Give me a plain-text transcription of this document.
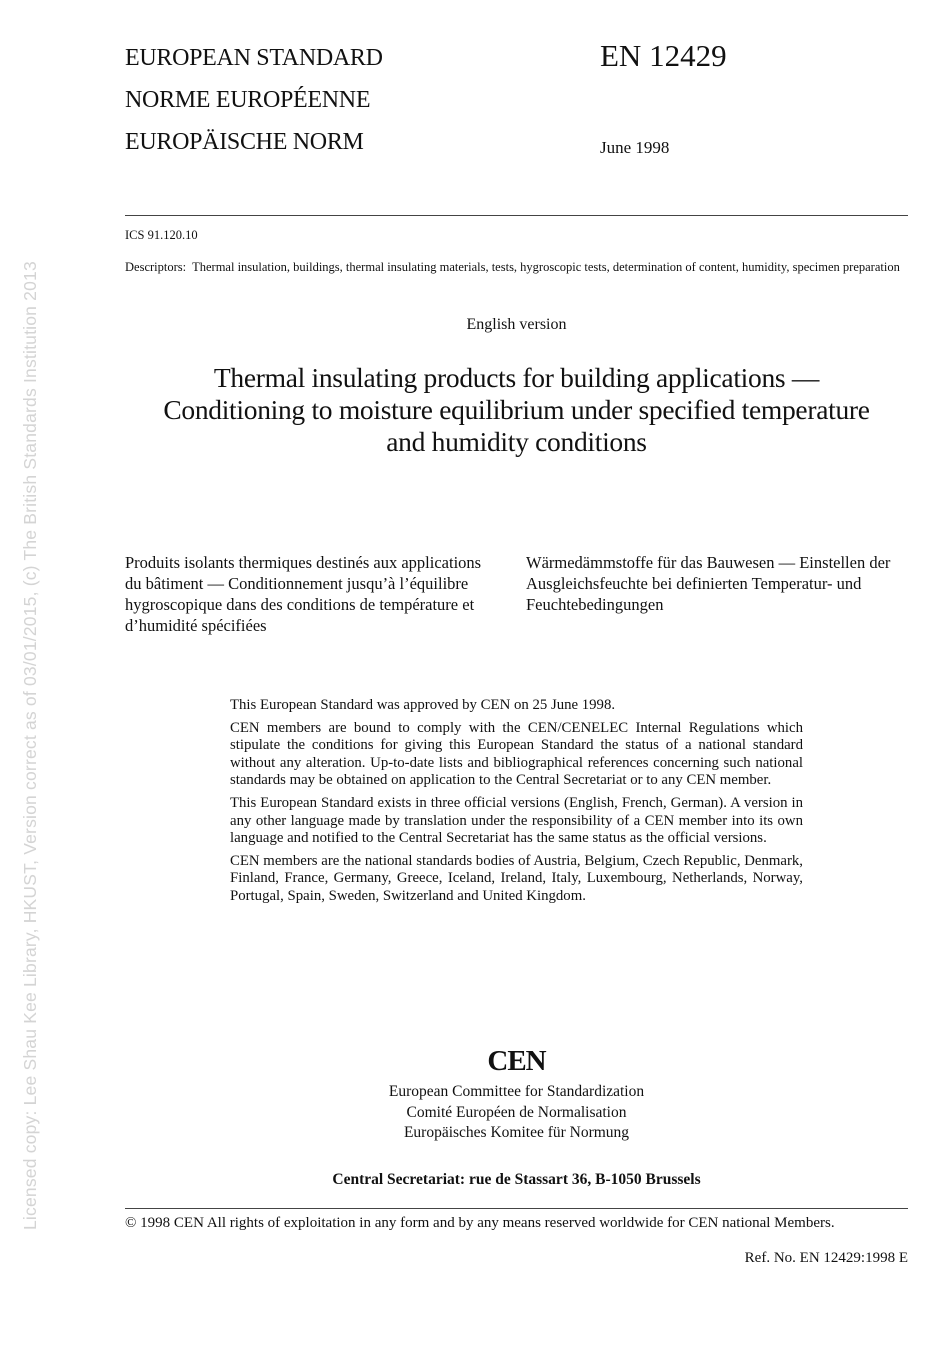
Licensed copy: Lee Shau Kee Library, HKUST, Version correct as of 03/01/2015, (c) The British Standards Institution 2013
EUROPEAN STANDARD
NORME EUROPÉENNE
EUROPÄISCHE NORM
EN 12429
June 1998
ICS 91.120.10
Descriptors: Thermal insulation, buildings, thermal insulating materials, tests, hygroscopic tests, determination of content, humidity, specimen preparation
English version
Thermal insulating products for building applications —
Conditioning to moisture equilibrium under specified temperature
and humidity conditions
Produits isolants thermiques destinés aux applications du bâtiment — Conditionnement jusqu’à l’équilibre hygroscopique dans des conditions de température et d’humidité spécifiées
Wärmedämmstoffe für das Bauwesen — Einstellen der Ausgleichsfeuchte bei definierten Temperatur- und Feuchtebedingungen

This European Standard was approved by CEN on 25 June 1998.

CEN members are bound to comply with the CEN/CENELEC Internal Regulations which stipulate the conditions for giving this European Standard the status of a national standard without any alteration. Up-to-date lists and bibliographical references concerning such national standards may be obtained on application to the Central Secretariat or to any CEN member.

This European Standard exists in three official versions (English, French, German). A version in any other language made by translation under the responsibility of a CEN member into its own language and notified to the Central Secretariat has the same status as the official versions.

CEN members are the national standards bodies of Austria, Belgium, Czech Republic, Denmark, Finland, France, Germany, Greece, Iceland, Ireland, Italy, Luxembourg, Netherlands, Norway, Portugal, Spain, Sweden, Switzerland and United Kingdom.

CEN
European Committee for Standardization
Comité Européen de Normalisation
Europäisches Komitee für Normung
Central Secretariat: rue de Stassart 36, B-1050 Brussels
© 1998 CEN All rights of exploitation in any form and by any means reserved worldwide for CEN national Members.
Ref. No. EN 12429:1998 E
